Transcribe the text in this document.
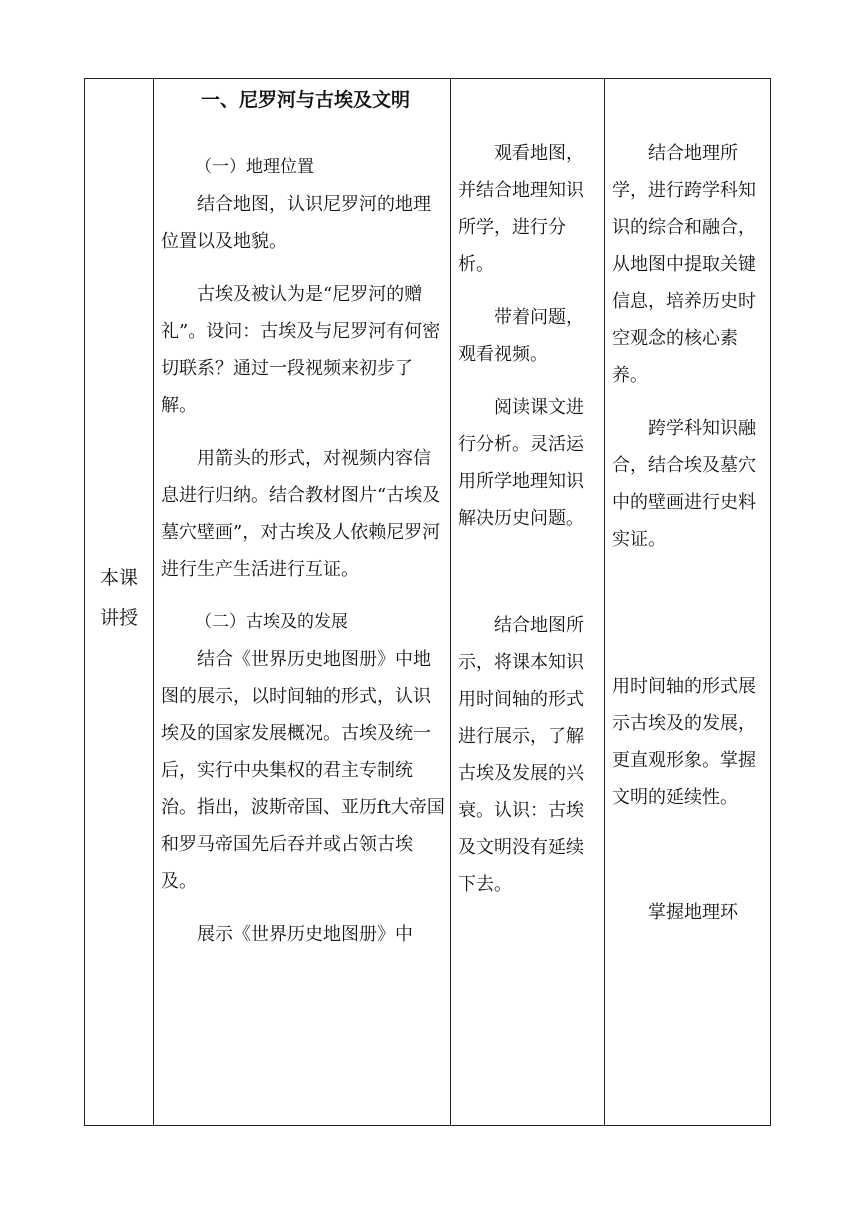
本课
讲授
一、尼罗河与古埃及文明

（一）地理位置

结合地图，认识尼罗河的地理位置以及地貌。

古埃及被认为是“尼罗河的赠礼”。设问：古埃及与尼罗河有何密切联系？通过一段视频来初步了解。

用箭头的形式，对视频内容信息进行归纳。结合教材图片“古埃及墓穴壁画”，对古埃及人依赖尼罗河进行生产生活进行互证。

（二）古埃及的发展

结合《世界历史地图册》中地图的展示，以时间轴的形式，认识埃及的国家发展概况。古埃及统一后，实行中央集权的君主专制统治。指出，波斯帝国、亚历ft大帝国和罗马帝国先后吞并或占领古埃及。

展示《世界历史地图册》中

观看地图，并结合地理知识所学，进行分析。

带着问题，观看视频。

阅读课文进行分析。灵活运用所学地理知识解决历史问题。

结合地图所示，将课本知识用时间轴的形式进行展示，了解古埃及发展的兴衰。认识：古埃及文明没有延续下去。

结合地理所学，进行跨学科知识的综合和融合，从地图中提取关键信息，培养历史时空观念的核心素养。

跨学科知识融合，结合埃及墓穴中的壁画进行史料实证。

用时间轴的形式展示古埃及的发展，更直观形象。掌握文明的延续性。

掌握地理环
